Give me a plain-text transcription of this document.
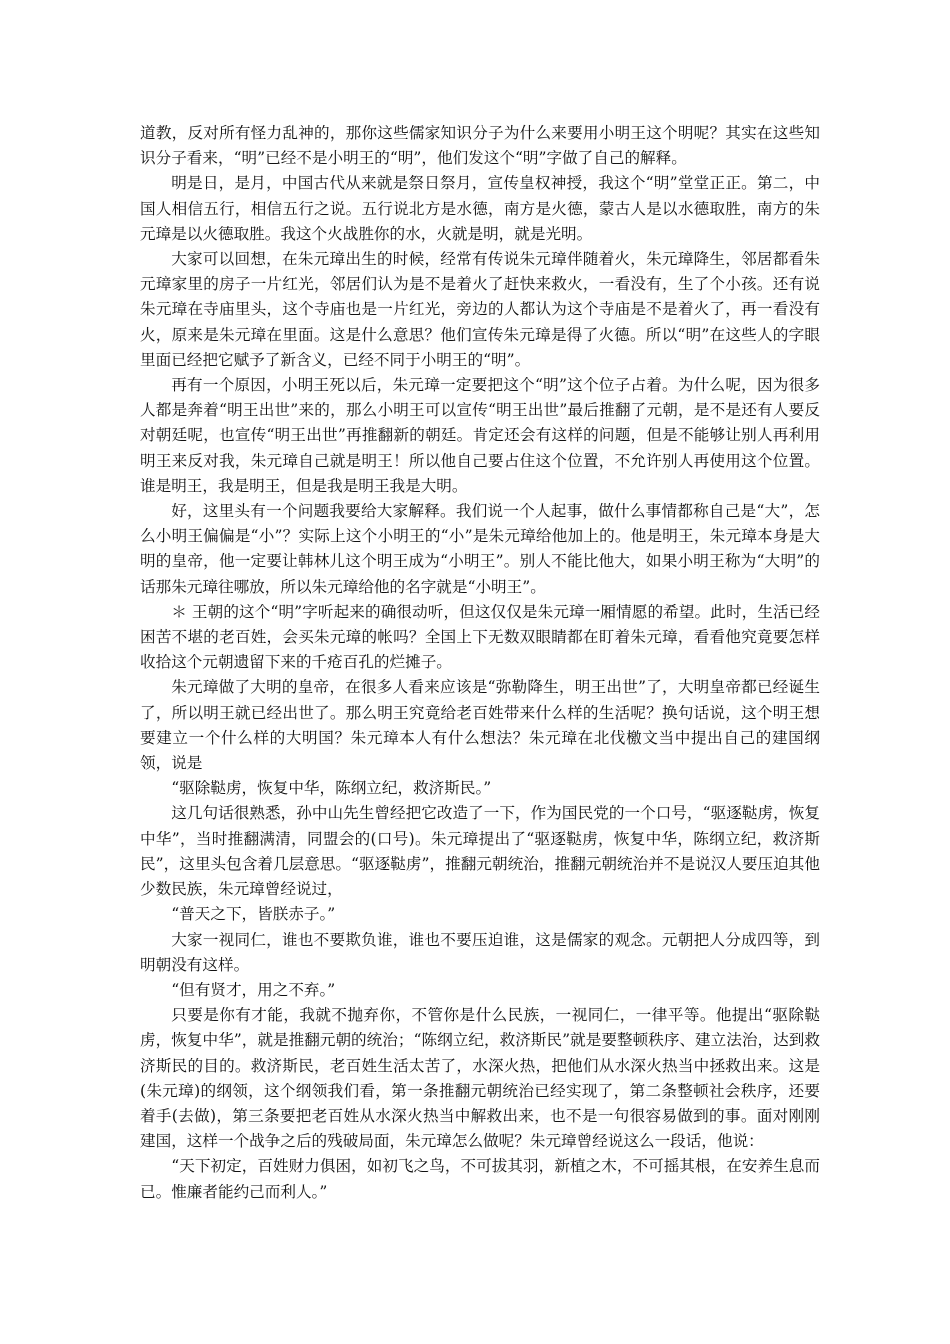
道教，反对所有怪力乱神的，那你这些儒家知识分子为什么来要用小明王这个明呢？其实在这些知识分子看来，“明”已经不是小明王的“明”，他们发这个“明”字做了自己的解释。

明是日，是月，中国古代从来就是祭日祭月，宣传皇权神授，我这个“明”堂堂正正。第二，中国人相信五行，相信五行之说。五行说北方是水德，南方是火德，蒙古人是以水德取胜，南方的朱元璋是以火德取胜。我这个火战胜你的水，火就是明，就是光明。

大家可以回想，在朱元璋出生的时候，经常有传说朱元璋伴随着火，朱元璋降生，邻居都看朱元璋家里的房子一片红光，邻居们认为是不是着火了赶快来救火，一看没有，生了个小孩。还有说朱元璋在寺庙里头，这个寺庙也是一片红光，旁边的人都认为这个寺庙是不是着火了，再一看没有火，原来是朱元璋在里面。这是什么意思？他们宣传朱元璋是得了火德。所以“明”在这些人的字眼里面已经把它赋予了新含义，已经不同于小明王的“明”。

再有一个原因，小明王死以后，朱元璋一定要把这个“明”这个位子占着。为什么呢，因为很多人都是奔着“明王出世”来的，那么小明王可以宣传“明王出世”最后推翻了元朝，是不是还有人要反对朝廷呢，也宣传“明王出世”再推翻新的朝廷。肯定还会有这样的问题，但是不能够让别人再利用明王来反对我，朱元璋自己就是明王！所以他自己要占住这个位置，不允许别人再使用这个位置。谁是明王，我是明王，但是我是明王我是大明。

好，这里头有一个问题我要给大家解释。我们说一个人起事，做什么事情都称自己是“大”，怎么小明王偏偏是“小”？实际上这个小明王的“小”是朱元璋给他加上的。他是明王，朱元璋本身是大明的皇帝，他一定要让韩林儿这个明王成为“小明王”。别人不能比他大，如果小明王称为“大明”的话那朱元璋往哪放，所以朱元璋给他的名字就是“小明王”。

＊ 王朝的这个“明”字听起来的确很动听，但这仅仅是朱元璋一厢情愿的希望。此时，生活已经困苦不堪的老百姓，会买朱元璋的帐吗？全国上下无数双眼睛都在盯着朱元璋，看看他究竟要怎样收拾这个元朝遗留下来的千疮百孔的烂摊子。

朱元璋做了大明的皇帝，在很多人看来应该是“弥勒降生，明王出世”了，大明皇帝都已经诞生了，所以明王就已经出世了。那么明王究竟给老百姓带来什么样的生活呢？换句话说，这个明王想要建立一个什么样的大明国？朱元璋本人有什么想法？朱元璋在北伐檄文当中提出自己的建国纲领，说是

“驱除鞑虏，恢复中华，陈纲立纪，救济斯民。”

这几句话很熟悉，孙中山先生曾经把它改造了一下，作为国民党的一个口号，“驱逐鞑虏，恢复中华”，当时推翻满清，同盟会的(口号)。朱元璋提出了“驱逐鞑虏，恢复中华，陈纲立纪，救济斯民”，这里头包含着几层意思。“驱逐鞑虏”，推翻元朝统治，推翻元朝统治并不是说汉人要压迫其他少数民族，朱元璋曾经说过，

“普天之下，皆朕赤子。”

大家一视同仁，谁也不要欺负谁，谁也不要压迫谁，这是儒家的观念。元朝把人分成四等，到明朝没有这样。

“但有贤才，用之不弃。”

只要是你有才能，我就不抛弃你，不管你是什么民族，一视同仁，一律平等。他提出“驱除鞑虏，恢复中华”，就是推翻元朝的统治；“陈纲立纪，救济斯民”就是要整顿秩序、建立法治，达到救济斯民的目的。救济斯民，老百姓生活太苦了，水深火热，把他们从水深火热当中拯救出来。这是(朱元璋)的纲领，这个纲领我们看，第一条推翻元朝统治已经实现了，第二条整顿社会秩序，还要着手(去做)，第三条要把老百姓从水深火热当中解救出来，也不是一句很容易做到的事。面对刚刚建国，这样一个战争之后的残破局面，朱元璋怎么做呢？朱元璋曾经说这么一段话，他说：

“天下初定，百姓财力俱困，如初飞之鸟，不可拔其羽，新植之木，不可摇其根，在安养生息而已。惟廉者能约己而利人。”
